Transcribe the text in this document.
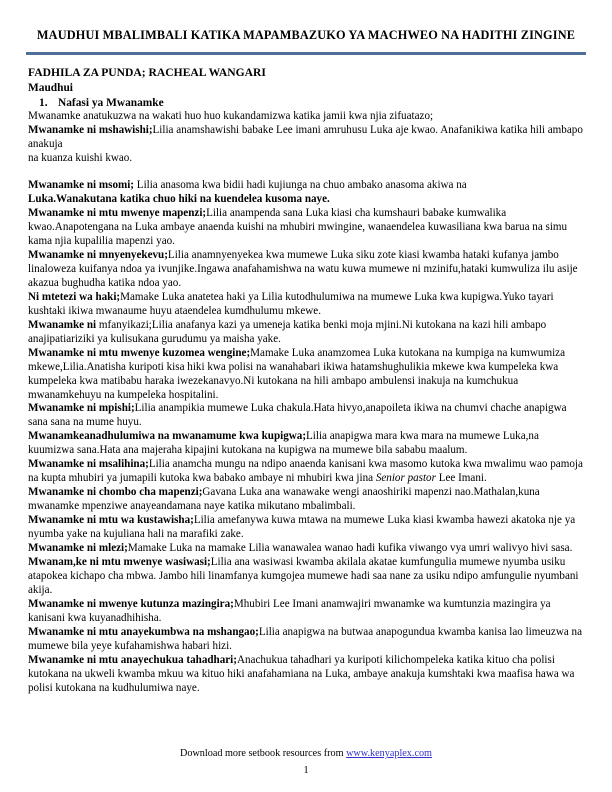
MAUDHUI MBALIMBALI KATIKA MAPAMBAZUKO YA MACHWEO NA HADITHI ZINGINE
FADHILA ZA PUNDA; RACHEAL WANGARI
Maudhui
1. Nafasi ya Mwanamke

Mwanamke anatukuzwa na wakati huo huo kukandamizwa katika jamii kwa njia zifuatazo;

Mwanamke ni mshawishi;Lilia anamshawishi babake Lee imani amruhusu Luka aje kwao. Anafanikiwa katika hili ambapo anakuja

na kuanza kuishi kwao.

Mwanamke ni msomi; Lilia anasoma kwa bidii hadi kujiunga na chuo ambako anasoma akiwa na

Luka.Wanakutana katika chuo hiki na kuendelea kusoma naye.

Mwanamke ni mtu mwenye mapenzi;Lilia anampenda sana Luka kiasi cha kumshauri babake kumwalika kwao.Anapotengana na Luka ambaye anaenda kuishi na mhubiri mwingine, wanaendelea kuwasiliana kwa barua na simu kama njia kupalilia mapenzi yao.

Mwanamke ni mnyenyekevu;Lilia anamnyenyekea kwa mumewe Luka siku zote kiasi kwamba hataki kufanya jambo linaloweza kuifanya ndoa ya ivunjike.Ingawa anafahamishwa na watu kuwa mumewe ni mzinifu,hataki kumwuliza ilu asije akazua bughudha katika ndoa yao.

Ni mtetezi wa haki;Mamake Luka anatetea haki ya Lilia kutodhulumiwa na mumewe Luka kwa kupigwa.Yuko tayari kushtaki ikiwa mwanaume huyu ataendelea kumdhulumu mkewe.

Mwanamke ni mfanyikazi;Lilia anafanya kazi ya umeneja katika benki moja mjini.Ni kutokana na kazi hili ambapo anajipatiariziki ya kulisukana gurudumu ya maisha yake.

Mwanamke ni mtu mwenye kuzomea wengine;Mamake Luka anamzomea Luka kutokana na kumpiga na kumwumiza mkewe,Lilia.Anatisha kuripoti kisa hiki kwa polisi na wanahabari ikiwa hatamshughulikia mkewe kwa kumpeleka kwa kumpeleka kwa matibabu haraka iwezekanavyo.Ni kutokana na hili ambapo ambulensi inakuja na kumchukua mwanamkehuyu na kumpeleka hospitalini.

Mwanamke ni mpishi;Lilia anampikia mumewe Luka chakula.Hata hivyo,anapoileta ikiwa na chumvi chache anapigwa sana sana na mume huyu.

Mwanamkeanadhulumiwa na mwanamume kwa kupigwa;Lilia anapigwa mara kwa mara na mumewe Luka,na kuumizwa sana.Hata ana majeraha kipajini kutokana na kupigwa na mumewe bila sababu maalum.

Mwanamke ni msalihina;Lilia anamcha mungu na ndipo anaenda kanisani kwa masomo kutoka kwa mwalimu wao pamoja na kupta mhubiri ya jumapili kutoka kwa babako ambaye ni mhubiri kwa jina Senior pastor Lee Imani.

Mwanamke ni chombo cha mapenzi;Gavana Luka ana wanawake wengi anaoshiriki mapenzi nao.Mathalan,kuna mwanamke mpenziwe anayeandamana naye katika mikutano mbalimbali.

Mwanamke ni mtu wa kustawisha;Lilia amefanywa kuwa mtawa na mumewe Luka kiasi kwamba hawezi akatoka nje ya nyumba yake na kujuliana hali na marafiki zake.

Mwanamke ni mlezi;Mamake Luka na mamake Lilia wanawalea wanao hadi kufika viwango vya umri walivyo hivi sasa.

Mwanam,ke ni mtu mwenye wasiwasi;Lilia ana wasiwasi kwamba akilala akatae kumfungulia mumewe nyumba usiku atapokea kichapo cha mbwa. Jambo hili linamfanya kumgojea mumewe hadi saa nane za usiku ndipo amfungulie nyumbani akija.

Mwanamke ni mwenye kutunza mazingira;Mhubiri Lee Imani anamwajiri mwanamke wa kumtunzia mazingira ya kanisani kwa kuyanadhihisha.

Mwanamke ni mtu anayekumbwa na mshangao;Lilia anapigwa na butwaa anapogundua kwamba kanisa lao limeuzwa na mumewe bila yeye kufahamishwa habari hizi.

Mwanamke ni mtu anayechukua tahadhari;Anachukua tahadhari ya kuripoti kilichompeleka katika kituo cha polisi kutokana na ukweli kwamba mkuu wa kituo hiki anafahamiana na Luka, ambaye anakuja kumshtaki kwa maafisa hawa wa polisi kutokana na kudhulumiwa naye.

Download more setbook resources from www.kenyaplex.com
1
